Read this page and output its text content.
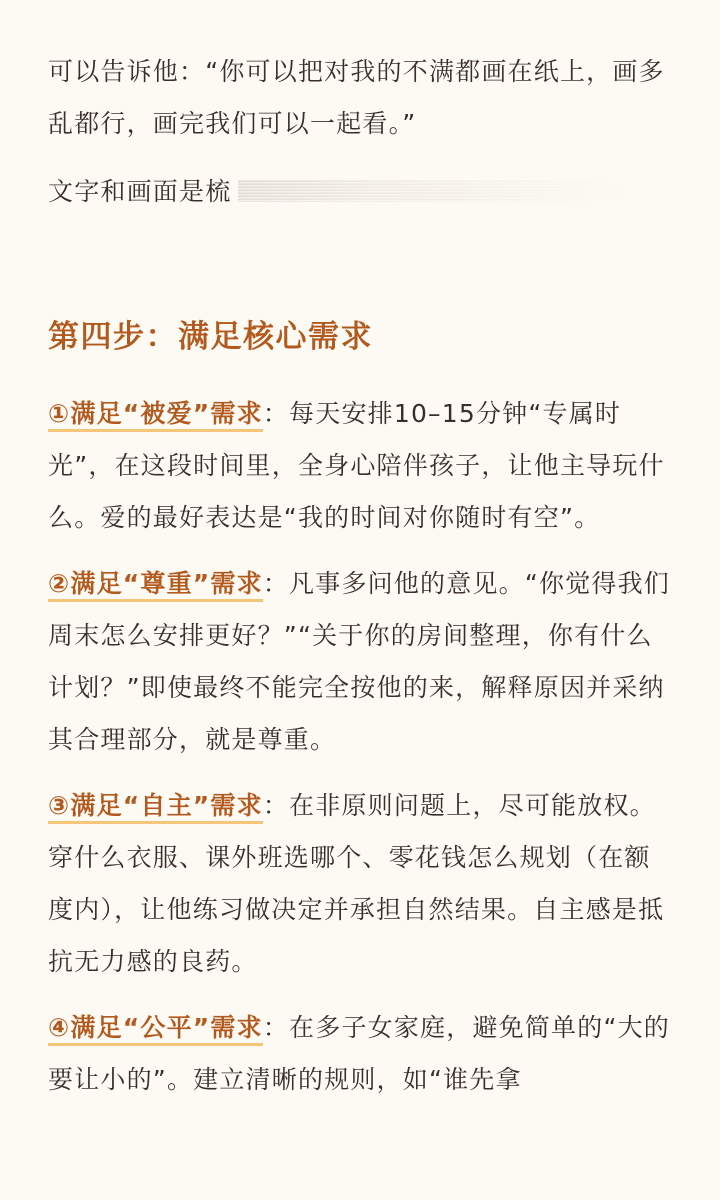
可以告诉他：“你可以把对我的不满都画在纸上，画多乱都行，画完我们可以一起看。”

文字和画面是梳
第四步：满足核心需求

①满足“被爱”需求：每天安排10–15分钟“专属时光”，在这段时间里，全身心陪伴孩子，让他主导玩什么。爱的最好表达是“我的时间对你随时有空”。

②满足“尊重”需求：凡事多问他的意见。“你觉得我们周末怎么安排更好？”“关于你的房间整理，你有什么计划？”即使最终不能完全按他的来，解释原因并采纳其合理部分，就是尊重。

③满足“自主”需求：在非原则问题上，尽可能放权。穿什么衣服、课外班选哪个、零花钱怎么规划（在额度内），让他练习做决定并承担自然结果。自主感是抵抗无力感的良药。

④满足“公平”需求：在多子女家庭，避免简单的“大的要让小的”。建立清晰的规则，如“谁先拿
